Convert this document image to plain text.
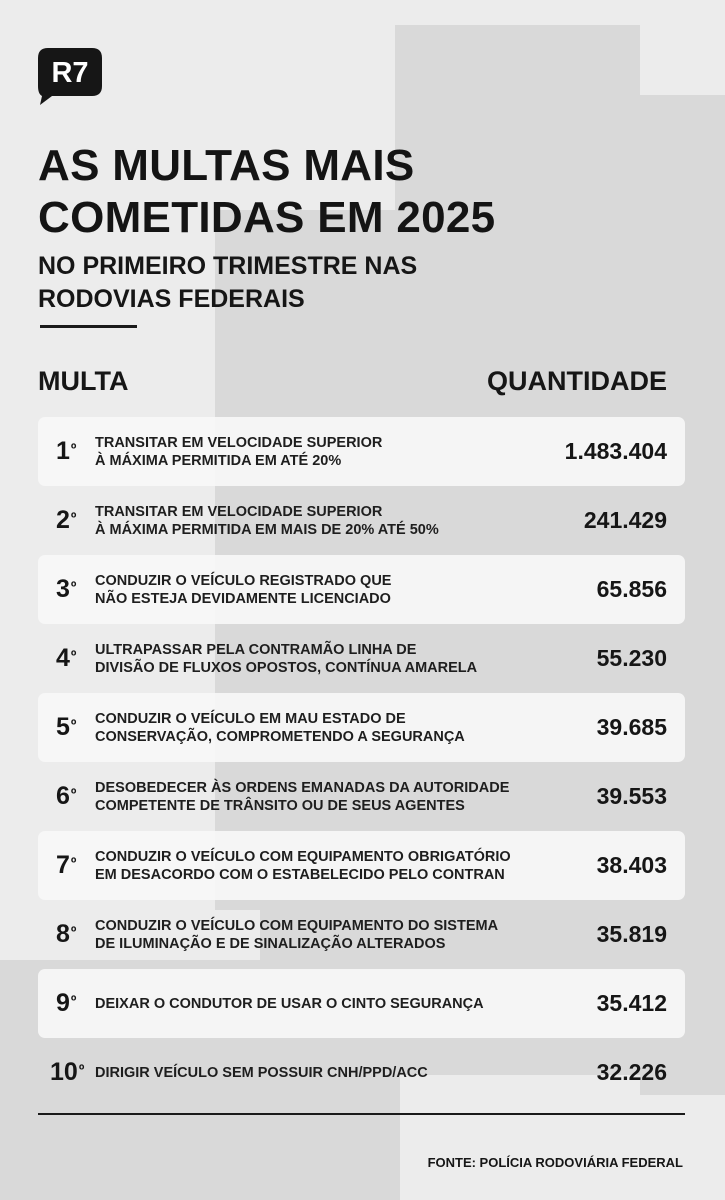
R7
AS MULTAS MAIS
COMETIDAS EM 2025
NO PRIMEIRO TRIMESTRE NAS
RODOVIAS FEDERAIS
MULTA	QUANTIDADE
$1^º$ TRANSITAR EM VELOCIDADE SUPERIOR
À MÁXIMA PERMITIDA EM ATÉ 20%	1.483.404
$2^º$ TRANSITAR EM VELOCIDADE SUPERIOR
À MÁXIMA PERMITIDA EM MAIS DE 20% ATÉ 50%	241.429
$3^º$ CONDUZIR O VEÍCULO REGISTRADO QUE
NÃO ESTEJA DEVIDAMENTE LICENCIADO	65.856
$4^º$ ULTRAPASSAR PELA CONTRAMÃO LINHA DE
DIVISÃO DE FLUXOS OPOSTOS, CONTÍNUA AMARELA	55.230
$5^º$ CONDUZIR O VEÍCULO EM MAU ESTADO DE
CONSERVAÇÃO, COMPROMETENDO A SEGURANÇA	39.685
$6^º$ DESOBEDECER ÀS ORDENS EMANADAS DA AUTORIDADE
COMPETENTE DE TRÂNSITO OU DE SEUS AGENTES	39.553
$7^º$ CONDUZIR O VEÍCULO COM EQUIPAMENTO OBRIGATÓRIO
EM DESACORDO COM O ESTABELECIDO PELO CONTRAN	38.403
$8^º$ CONDUZIR O VEÍCULO COM EQUIPAMENTO DO SISTEMA
DE ILUMINAÇÃO E DE SINALIZAÇÃO ALTERADOS	35.819
$9^º$ DEIXAR O CONDUTOR DE USAR O CINTO SEGURANÇA	35.412
$10^º$ DIRIGIR VEÍCULO SEM POSSUIR CNH/PPD/ACC	32.226
FONTE: POLÍCIA RODOVIÁRIA FEDERAL
